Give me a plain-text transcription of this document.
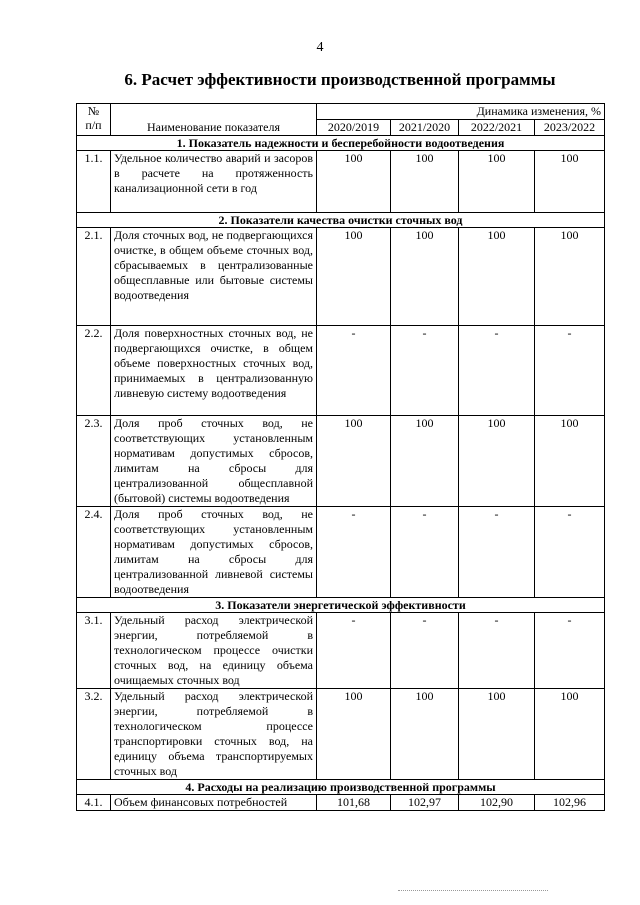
4
6. Расчет эффективности производственной программы
№
п/п	Наименование показателя	Динамика изменения, %			
		2020/2019	2021/2020	2022/2021	2023/2022
1. Показатель надежности и бесперебойности водоотведения					
1.1.	Удельное количество аварий и засоров в расчете на протяженность канализационной сети в год	100	100	100	100
2. Показатели качества очистки сточных вод					
2.1.	Доля сточных вод, не подвергающихся очистке, в общем объеме сточных вод, сбрасываемых в централизованные общесплавные или бытовые системы водоотведения	100	100	100	100
2.2.	Доля поверхностных сточных вод, не подвергающихся очистке, в общем объеме поверхностных сточных вод, принимаемых в централизованную ливневую систему водоотведения	-	-	-	-
2.3.	Доля проб сточных вод, не соответствующих установленным нормативам допустимых сбросов, лимитам на сбросы для централизованной общесплавной (бытовой) системы водоотведения	100	100	100	100
2.4.	Доля проб сточных вод, не соответствующих установленным нормативам допустимых сбросов, лимитам на сбросы для централизованной ливневой системы водоотведения	-	-	-	-
3. Показатели энергетической эффективности					
3.1.	Удельный расход электрической энергии, потребляемой в технологическом процессе очистки сточных вод, на единицу объема очищаемых сточных вод	-	-	-	-
3.2.	Удельный расход электрической энергии, потребляемой в технологическом процессе транспортировки сточных вод, на единицу объема транспортируемых сточных вод	100	100	100	100
4. Расходы на реализацию производственной программы					
4.1.	Объем финансовых потребностей	101,68	102,97	102,90	102,96
